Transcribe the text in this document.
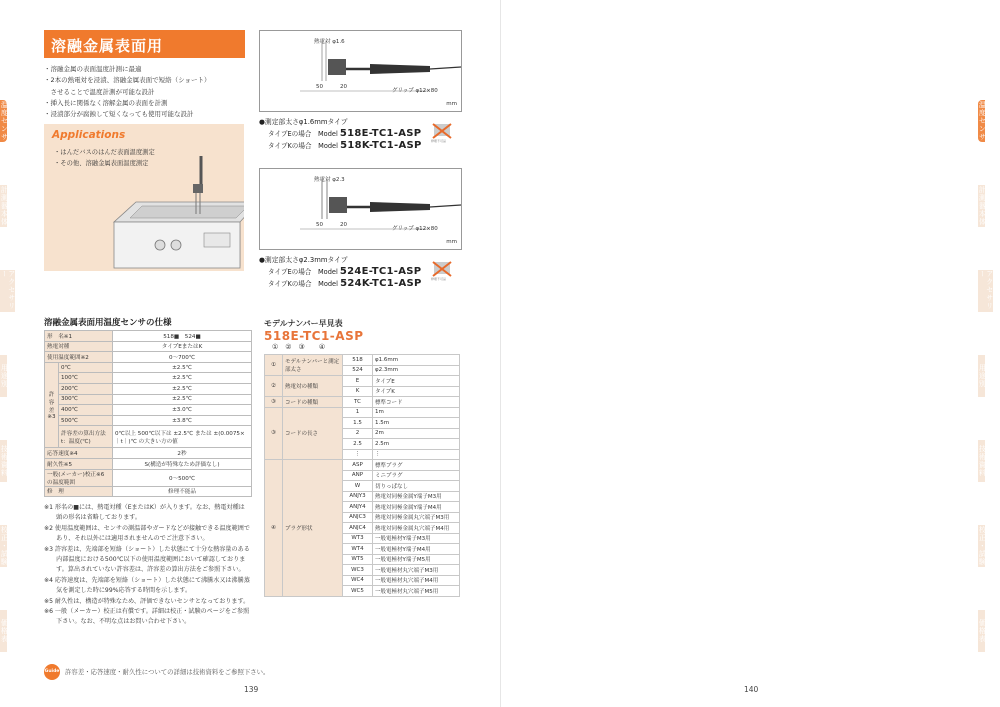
温度センサ
計測器本体
アクセサリー
用途別
技術資料
校正・試験
価格表
温度センサ
計測器本体
アクセサリー
用途別
技術資料
校正・試験
価格表
溶融金属表面用
・溶融金属の表面温度計測に最適
・2本の熱電対を浸漬、溶融金属表面で短絡（ショート）
　させることで温度計測が可能な設計
・挿入長に関係なく溶解金属の表面を計測
・浸漬部分が腐蝕して短くなっても使用可能な設計
Applications
・はんだバスのはんだ表面温度測定
・その他、溶融金属表面温度測定
溶融金属表面用温度センサの仕様
形　名※1		518■　524■
熱電対種		タイプEまたはK
使用温度範囲※2		0～700℃
許容差※3	0℃	±2.5℃
	100℃	±2.5℃
	200℃	±2.5℃
	300℃	±2.5℃
	400℃	±3.0℃
	500℃	±3.8℃
	許容差の算出方法 t：温度(℃)	0℃以上 500℃以下は ±2.5℃ または ±(0.0075×｜t｜)℃ の大きい方の値
応答速度※4		2秒
耐久性※5		S(構造が特殊なため評価なし)
一般(メーカー)校正※6 の温度範囲		0～500℃
修　理		修理不能品
※1 形名の■には、熱電対種（EまたはK）が入ります。なお、熱電対種は
　　頭の形名は省略しております。
※2 使用温度範囲は、センサの測温部やガードなどが接触できる温度範囲で
　　あり、それ以外には適用されませんのでご注意下さい。
※3 許容差は、先端部を短絡（ショート）した状態にて十分な熱容量のある
　　内部温度における500℃以下の使用温度範囲において確認しておりま
　　す。算出されていない許容差は、許容差の算出方法をご参照下さい。
※4 応答速度は、先端部を短絡（ショート）した状態にて沸騰水又は沸騰蒸
　　気を測定した時に99%応答する時間を示します。
※5 耐久性は、構造が特殊なため、評価できないセンサとなっております。
※6 一般（メーカー）校正は有償です。詳細は校正・試験のページをご参照
　　下さい。なお、不明な点はお問い合わせ下さい。
Guide 許容差・応答速度・耐久性についての詳細は技術資料をご参照下さい。
139
熱電対 φ1.6
50	20
グリップ φ12×80
mm
●測定部太さφ1.6mmタイプ
タイプEの場合　Model 518E-TC1-ASP
タイプKの場合　Model 518K-TC1-ASP	修理不可品
熱電対 φ2.3
50	20
グリップ φ12×80
mm
●測定部太さφ2.3mmタイプ
タイプEの場合　Model 524E-TC1-ASP
タイプKの場合　Model 524K-TC1-ASP	修理不可品
モデルナンバー早見表
518E-TC1-ASP
①　②　③　　④
①	モデルナンバーと測定部太さ	518	φ1.6mm
		524	φ2.3mm
②	熱電対の種類	E	タイプE
		K	タイプK
③	コードの種類	TC	標準コード
③	コードの長さ	1	1m
		1.5	1.5m
		2	2m
		2.5	2.5m
		⋮	⋮
④	プラグ形状	ASP	標準プラグ
		ANP	ミニプラグ
		W	切りっぱなし
		ANJY3	熱電対同極金属Y端子M3用
		ANJY4	熱電対同極金属Y端子M4用
		ANJC3	熱電対同極金属丸穴端子M3用
		ANJC4	熱電対同極金属丸穴端子M4用
		WT3	一般電極材Y端子M3用
		WT4	一般電極材Y端子M4用
		WT5	一般電極材Y端子M5用
		WC3	一般電極材丸穴端子M3用
		WC4	一般電極材丸穴端子M4用
		WC5	一般電極材丸穴端子M5用
140
